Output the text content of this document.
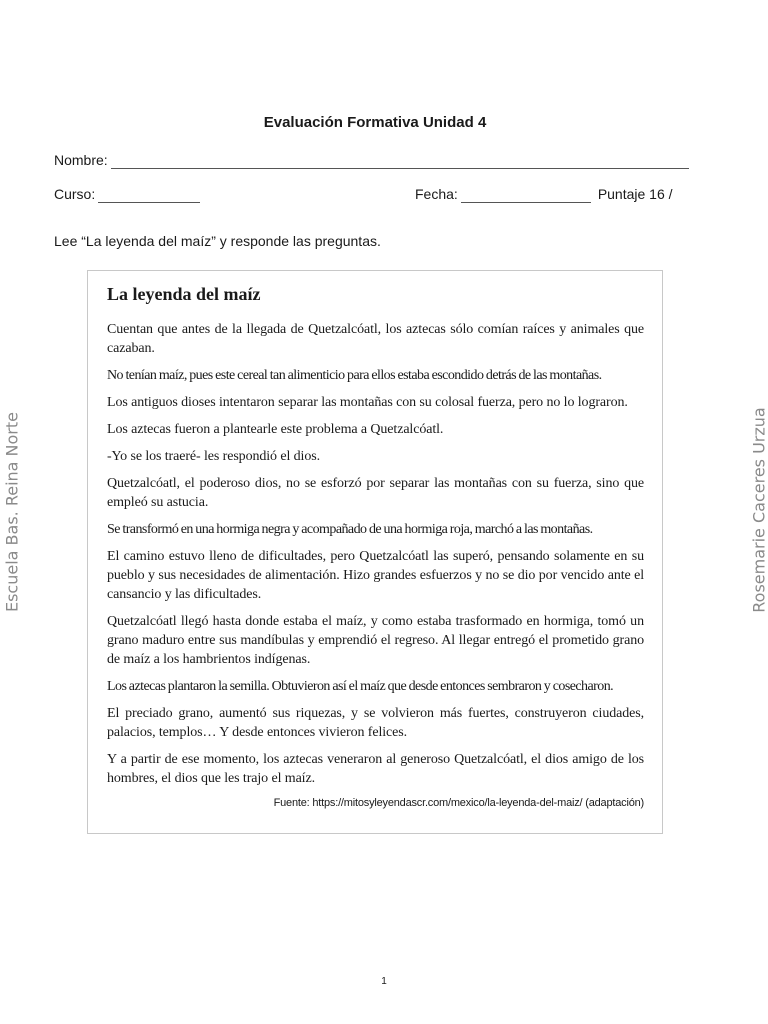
Evaluación Formativa Unidad 4
Nombre:
Curso:	Fecha:	Puntaje 16 /
Lee “La leyenda del maíz” y responde las preguntas.
La leyenda del maíz

Cuentan que antes de la llegada de Quetzalcóatl, los aztecas sólo comían raíces y animales que cazaban.

No tenían maíz, pues este cereal tan alimenticio para ellos estaba escondido detrás de las montañas.

Los antiguos dioses intentaron separar las montañas con su colosal fuerza, pero no lo lograron.

Los aztecas fueron a plantearle este problema a Quetzalcóatl.

-Yo se los traeré- les respondió el dios.

Quetzalcóatl, el poderoso dios, no se esforzó por separar las montañas con su fuerza, sino que empleó su astucia.

Se transformó en una hormiga negra y acompañado de una hormiga roja, marchó a las montañas.

El camino estuvo lleno de dificultades, pero Quetzalcóatl las superó, pensando solamente en su pueblo y sus necesidades de alimentación. Hizo grandes esfuerzos y no se dio por vencido ante el cansancio y las dificultades.

Quetzalcóatl llegó hasta donde estaba el maíz, y como estaba trasformado en hormiga, tomó un grano maduro entre sus mandíbulas y emprendió el regreso. Al llegar entregó el prometido grano de maíz a los hambrientos indígenas.

Los aztecas plantaron la semilla. Obtuvieron así el maíz que desde entonces sembraron y cosecharon.

El preciado grano, aumentó sus riquezas, y se volvieron más fuertes, construyeron ciudades, palacios, templos… Y desde entonces vivieron felices.

Y a partir de ese momento, los aztecas veneraron al generoso Quetzalcóatl, el dios amigo de los hombres, el dios que les trajo el maíz.

Fuente: https://mitosyleyendascr.com/mexico/la-leyenda-del-maiz/ (adaptación)
Escuela Bas. Reina Norte	Rosemarie Caceres Urzua
1
